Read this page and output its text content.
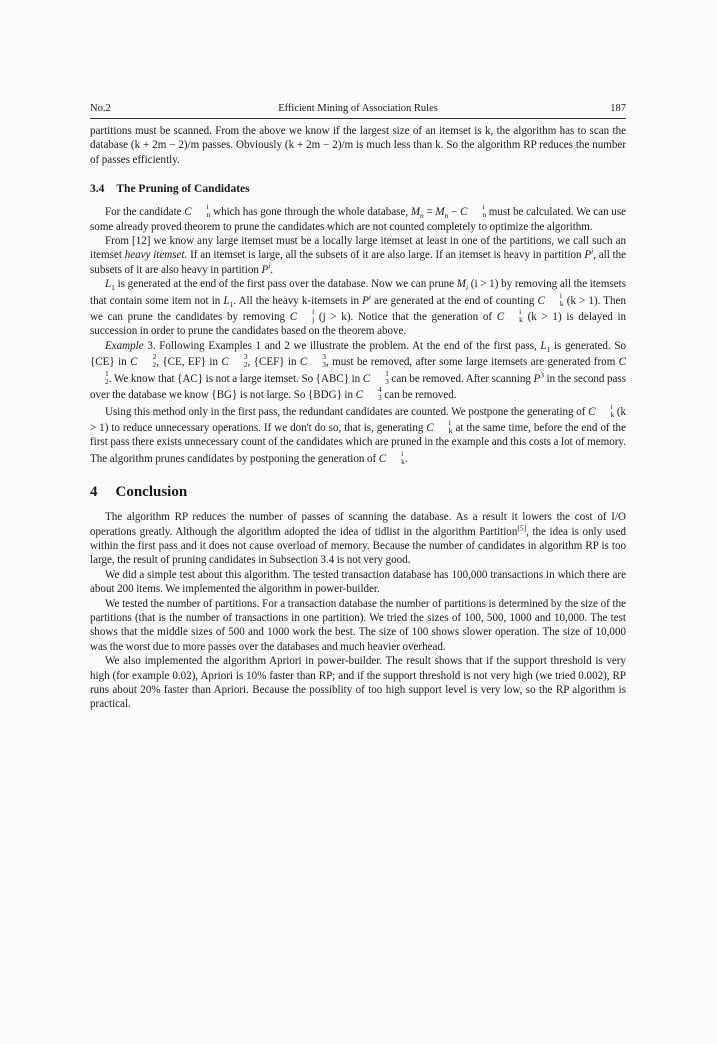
No.2	Efficient Mining of Association Rules	187

partitions must be scanned. From the above we know if the largest size of an itemset is k, the algorithm has to scan the database (k + 2m − 2)/m passes. Obviously (k + 2m − 2)/m is much less than k. So the algorithm RP reduces the number of passes efficiently.

3.4 The Pruning of Candidates

For the candidate C	i
n which has gone through the whole database, $M_n = M_n - C$	i
n must be calculated. We can use some already proved theorem to prune the candidates which are not counted completely to optimize the algorithm.

From [12] we know any large itemset must be a locally large itemset at least in one of the partitions, we call such an itemset heavy itemset. If an itemset is large, all the subsets of it are also large. If an itemset is heavy in partition $P^i$, all the subsets of it are also heavy in partition $P^i$.

$L_1$ is generated at the end of the first pass over the database. Now we can prune $M_i$ (i > 1) by removing all the itemsets that contain some item not in $L_1$. All the heavy k-itemsets in $P^i$ are generated at the end of counting C	i
k (k > 1). Then we can prune the candidates by removing C	i
j (j > k). Notice that the generation of C	i
k (k > 1) is delayed in succession in order to prune the candidates based on the theorem above.

Example 3. Following Examples 1 and 2 we illustrate the problem. At the end of the first pass, $L_1$ is generated. So {CE} in C	2
2 , {CE, EF} in C	3
2 , {CEF} in C	3
3 , must be removed, after some large itemsets are generated from C
1
2 . We know that {AC} is not a large itemset. So {ABC} in C	1
3 can be removed. After scanning $P^3$ in the second pass over the database we know {BG} is not large. So {BDG} in C	4
3 can be removed.

Using this method only in the first pass, the redundant candidates are counted. We postpone the generating of C	i
k (k > 1) to reduce unnecessary operations. If we don't do so, that is, generating C	i
k at the same time, before the end of the first pass there exists unnecessary count of the candidates which are pruned in the example and this costs a lot of memory. The algorithm prunes candidates by postponing the generation of C	i
k .

4 Conclusion

The algorithm RP reduces the number of passes of scanning the database. As a result it lowers the cost of I/O operations greatly. Although the algorithm adopted the idea of tidlist in the algorithm Partition[5], the idea is only used within the first pass and it does not cause overload of memory. Because the number of candidates in algorithm RP is too large, the result of pruning candidates in Subsection 3.4 is not very good.

We did a simple test about this algorithm. The tested transaction database has 100,000 transactions in which there are about 200 items. We implemented the algorithm in power-builder.

We tested the number of partitions. For a transaction database the number of partitions is determined by the size of the partitions (that is the number of transactions in one partition). We tried the sizes of 100, 500, 1000 and 10,000. The test shows that the middle sizes of 500 and 1000 work the best. The size of 100 shows slower operation. The size of 10,000 was the worst due to more passes over the databases and much heavier overhead.

We also implemented the algorithm Apriori in power-builder. The result shows that if the support threshold is very high (for example 0.02), Apriori is 10% faster than RP; and if the support threshold is not very high (we tried 0.002), RP runs about 20% faster than Apriori. Because the possiblity of too high support level is very low, so the RP algorithm is practical.
